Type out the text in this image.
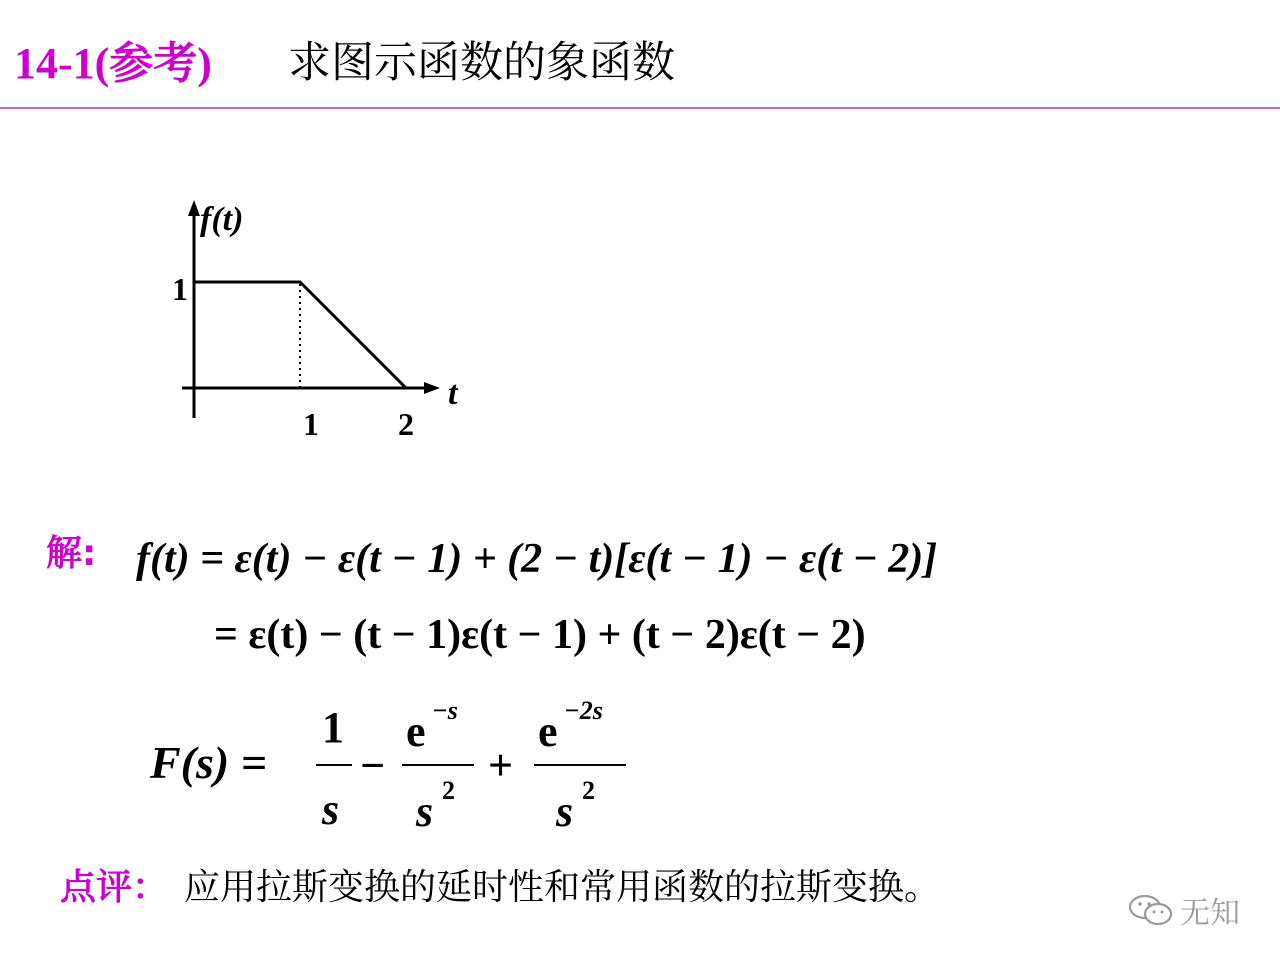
14-1(参考) 求图示函数的象函数
f(t)
t
1
1 2
解: f(t) = ε(t) − ε(t − 1) + (2 − t)[ε(t − 1) − ε(t − 2)]
= ε(t) − (t − 1)ε(t − 1) + (t − 2)ε(t − 2)
F(s) =
1
s
−
e −s
s 2
+
e −2s
s 2
点评： 应用拉斯变换的延时性和常用函数的拉斯变换。
无知
